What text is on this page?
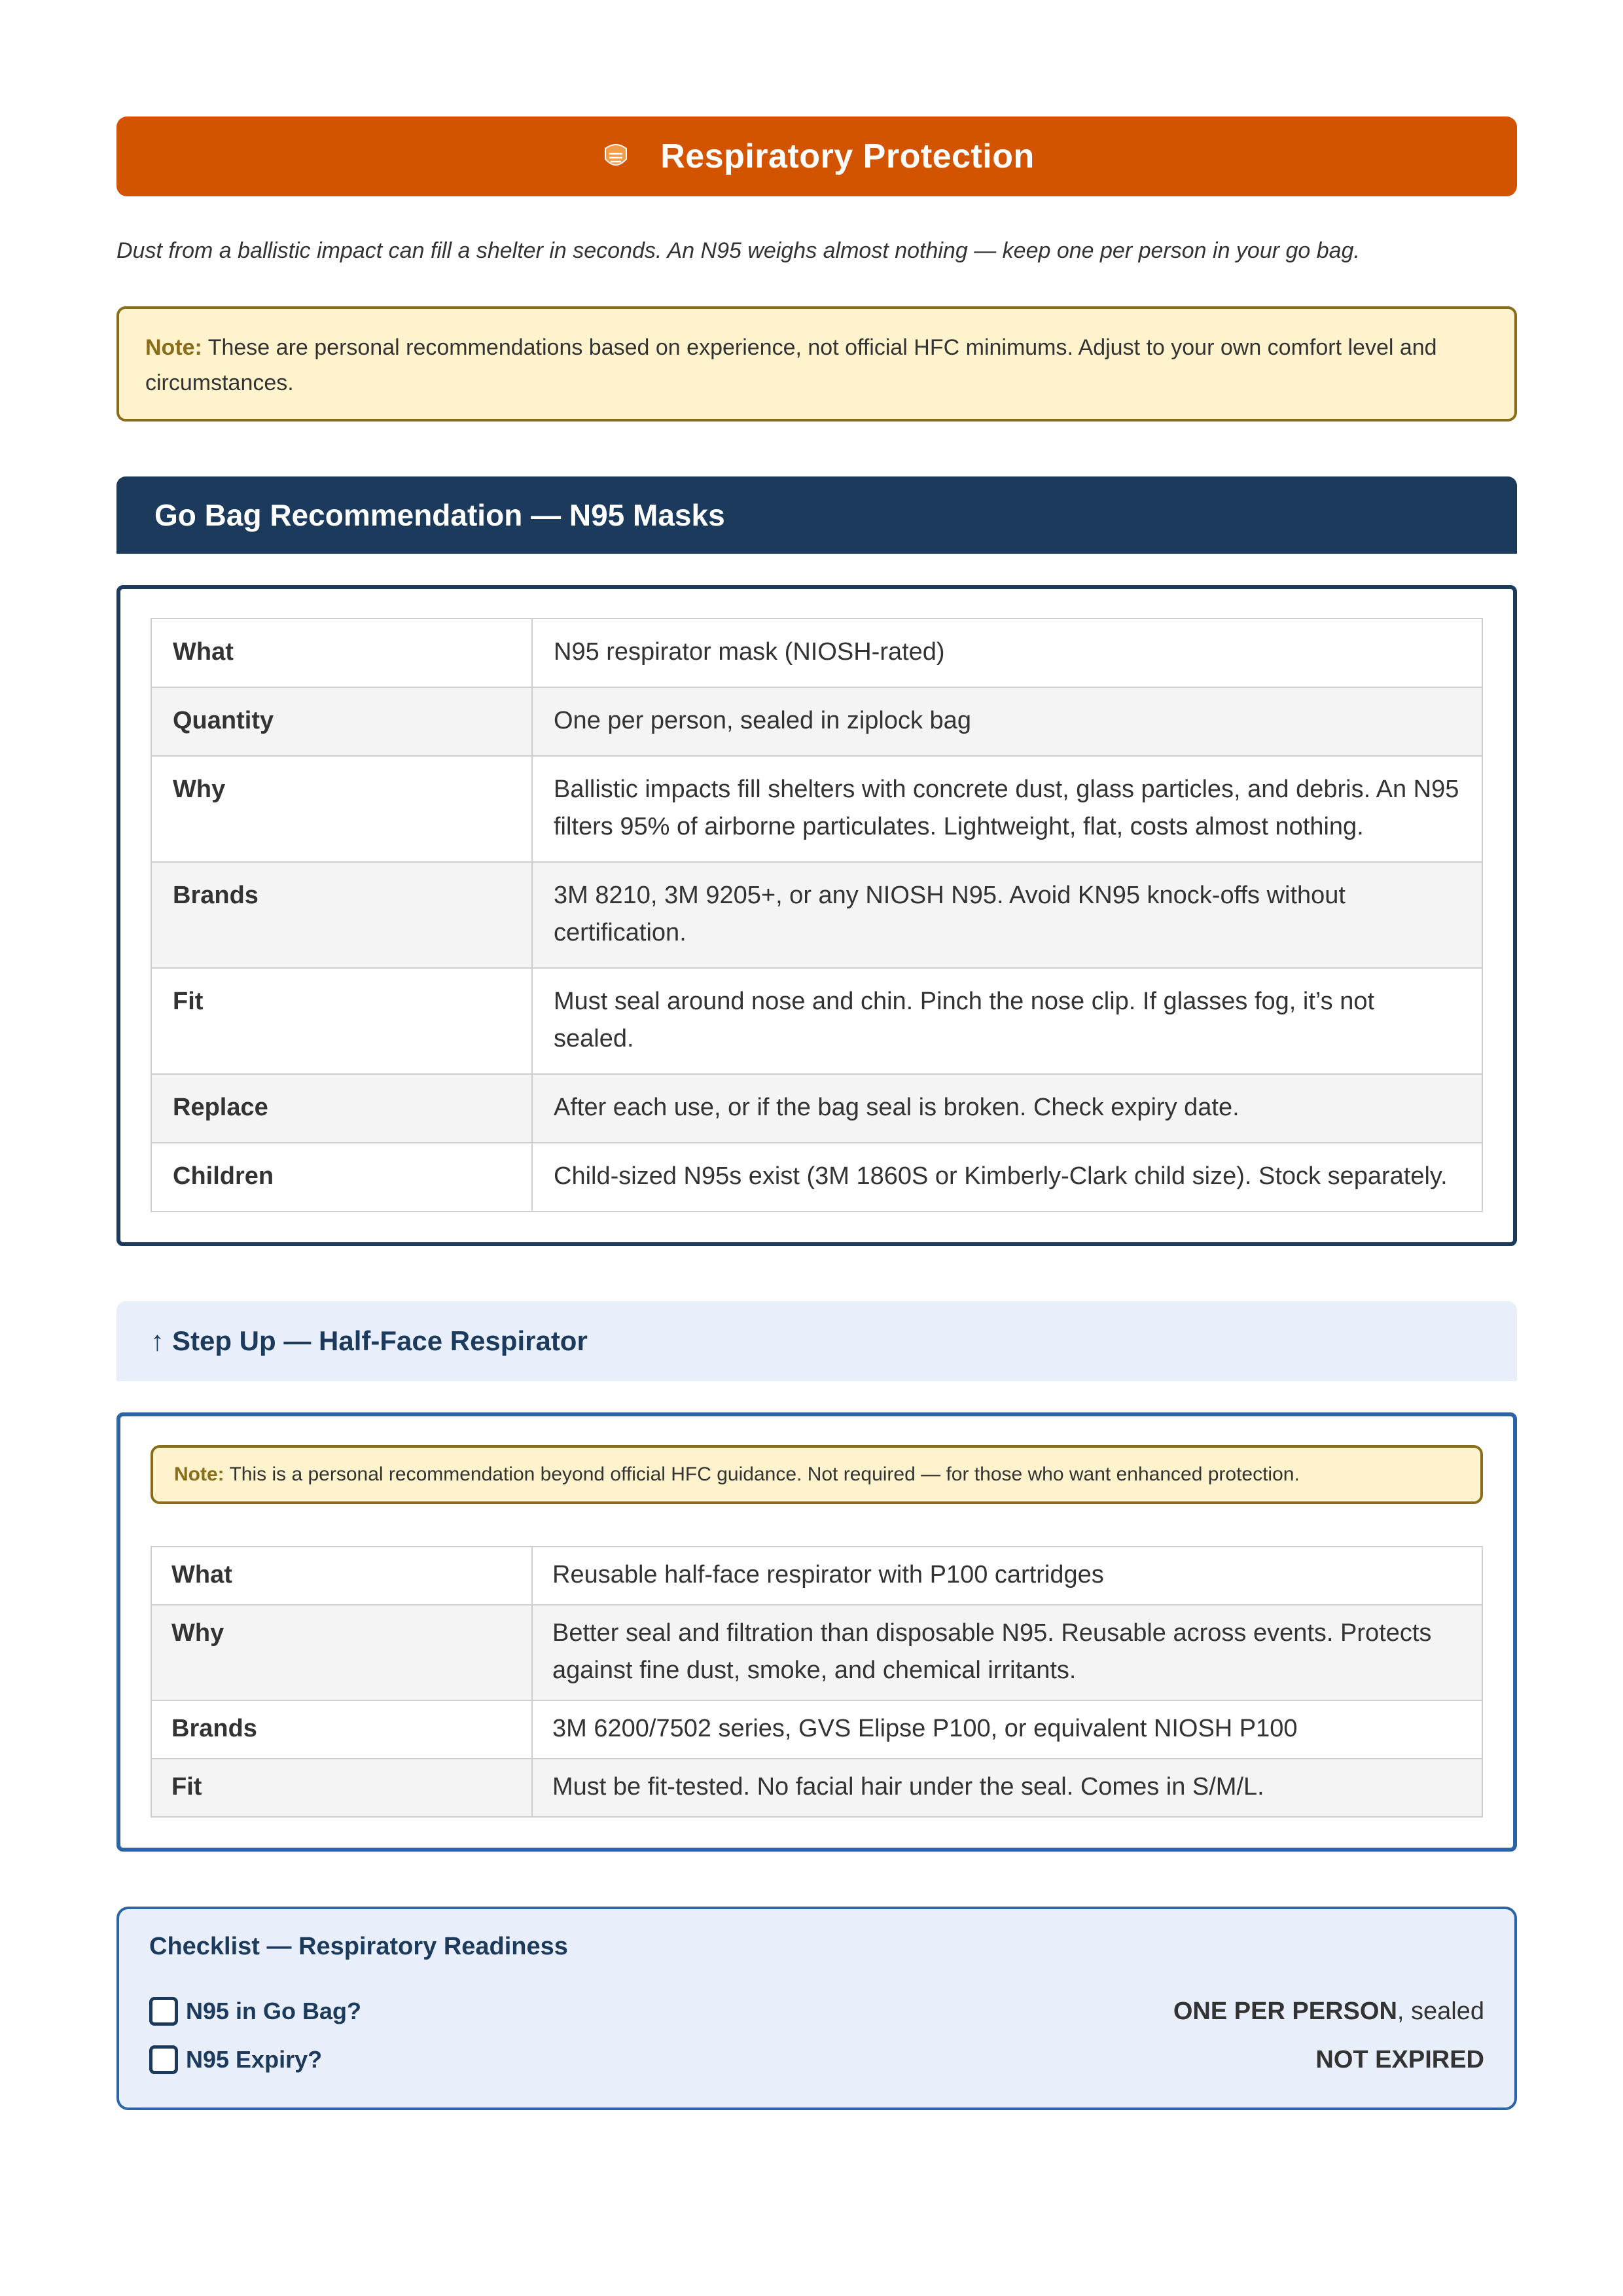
Respiratory Protection
Dust from a ballistic impact can fill a shelter in seconds. An N95 weighs almost nothing — keep one per person in your go bag.
Note: These are personal recommendations based on experience, not official HFC minimums. Adjust to your own comfort level and circumstances.
Go Bag Recommendation — N95 Masks
What	N95 respirator mask (NIOSH-rated)
Quantity	One per person, sealed in ziplock bag
Why	Ballistic impacts fill shelters with concrete dust, glass particles, and debris. An N95 filters 95% of airborne particulates. Lightweight, flat, costs almost nothing.
Brands	3M 8210, 3M 9205+, or any NIOSH N95. Avoid KN95 knock-offs without certification.
Fit	Must seal around nose and chin. Pinch the nose clip. If glasses fog, it’s not sealed.
Replace	After each use, or if the bag seal is broken. Check expiry date.
Children	Child-sized N95s exist (3M 1860S or Kimberly-Clark child size). Stock separately.
↑ Step Up — Half-Face Respirator
Note: This is a personal recommendation beyond official HFC guidance. Not required — for those who want enhanced protection.
What	Reusable half-face respirator with P100 cartridges
Why	Better seal and filtration than disposable N95. Reusable across events. Protects against fine dust, smoke, and chemical irritants.
Brands	3M 6200/7502 series, GVS Elipse P100, or equivalent NIOSH P100
Fit	Must be fit-tested. No facial hair under the seal. Comes in S/M/L.
Checklist — Respiratory Readiness
N95 in Go Bag?	ONE PER PERSON, sealed
N95 Expiry?	NOT EXPIRED
